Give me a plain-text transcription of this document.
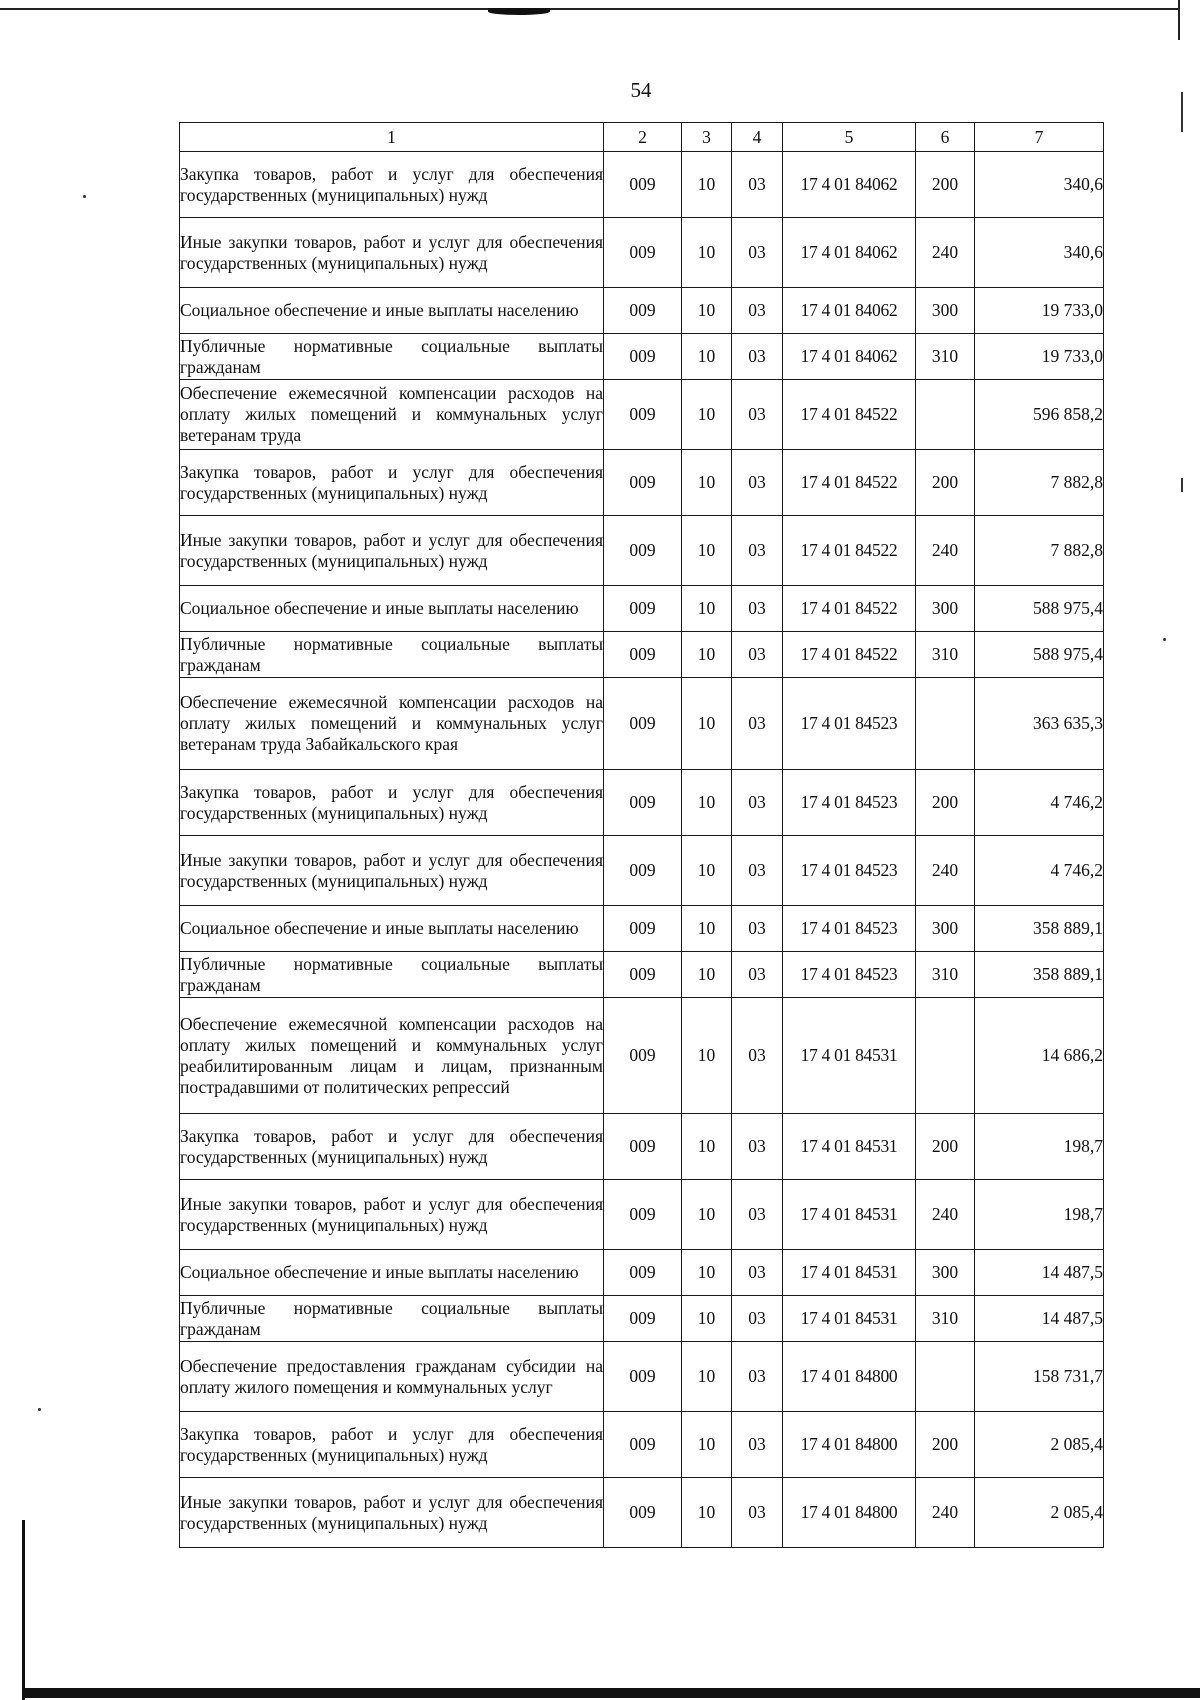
54
1	2	3	4	5	6	7
Закупка товаров, работ и услуг для обеспечения государственных (муниципальных) нужд	009	10	03	17 4 01 84062	200	340,6
Иные закупки товаров, работ и услуг для обеспечения государственных (муниципальных) нужд	009	10	03	17 4 01 84062	240	340,6
Социальное обеспечение и иные выплаты населению	009	10	03	17 4 01 84062	300	19 733,0
Публичные нормативные социальные выплаты гражданам	009	10	03	17 4 01 84062	310	19 733,0
Обеспечение ежемесячной компенсации расходов на оплату жилых помещений и коммунальных услуг ветеранам труда	009	10	03	17 4 01 84522		596 858,2
Закупка товаров, работ и услуг для обеспечения государственных (муниципальных) нужд	009	10	03	17 4 01 84522	200	7 882,8
Иные закупки товаров, работ и услуг для обеспечения государственных (муниципальных) нужд	009	10	03	17 4 01 84522	240	7 882,8
Социальное обеспечение и иные выплаты населению	009	10	03	17 4 01 84522	300	588 975,4
Публичные нормативные социальные выплаты гражданам	009	10	03	17 4 01 84522	310	588 975,4
Обеспечение ежемесячной компенсации расходов на оплату жилых помещений и коммунальных услуг ветеранам труда Забайкальского края	009	10	03	17 4 01 84523		363 635,3
Закупка товаров, работ и услуг для обеспечения государственных (муниципальных) нужд	009	10	03	17 4 01 84523	200	4 746,2
Иные закупки товаров, работ и услуг для обеспечения государственных (муниципальных) нужд	009	10	03	17 4 01 84523	240	4 746,2
Социальное обеспечение и иные выплаты населению	009	10	03	17 4 01 84523	300	358 889,1
Публичные нормативные социальные выплаты гражданам	009	10	03	17 4 01 84523	310	358 889,1
Обеспечение ежемесячной компенсации расходов на оплату жилых помещений и коммунальных услуг реабилитированным лицам и лицам, признанным пострадавшими от политических репрессий	009	10	03	17 4 01 84531		14 686,2
Закупка товаров, работ и услуг для обеспечения государственных (муниципальных) нужд	009	10	03	17 4 01 84531	200	198,7
Иные закупки товаров, работ и услуг для обеспечения государственных (муниципальных) нужд	009	10	03	17 4 01 84531	240	198,7
Социальное обеспечение и иные выплаты населению	009	10	03	17 4 01 84531	300	14 487,5
Публичные нормативные социальные выплаты гражданам	009	10	03	17 4 01 84531	310	14 487,5
Обеспечение предоставления гражданам субсидии на оплату жилого помещения и коммунальных услуг	009	10	03	17 4 01 84800		158 731,7
Закупка товаров, работ и услуг для обеспечения государственных (муниципальных) нужд	009	10	03	17 4 01 84800	200	2 085,4
Иные закупки товаров, работ и услуг для обеспечения государственных (муниципальных) нужд	009	10	03	17 4 01 84800	240	2 085,4
